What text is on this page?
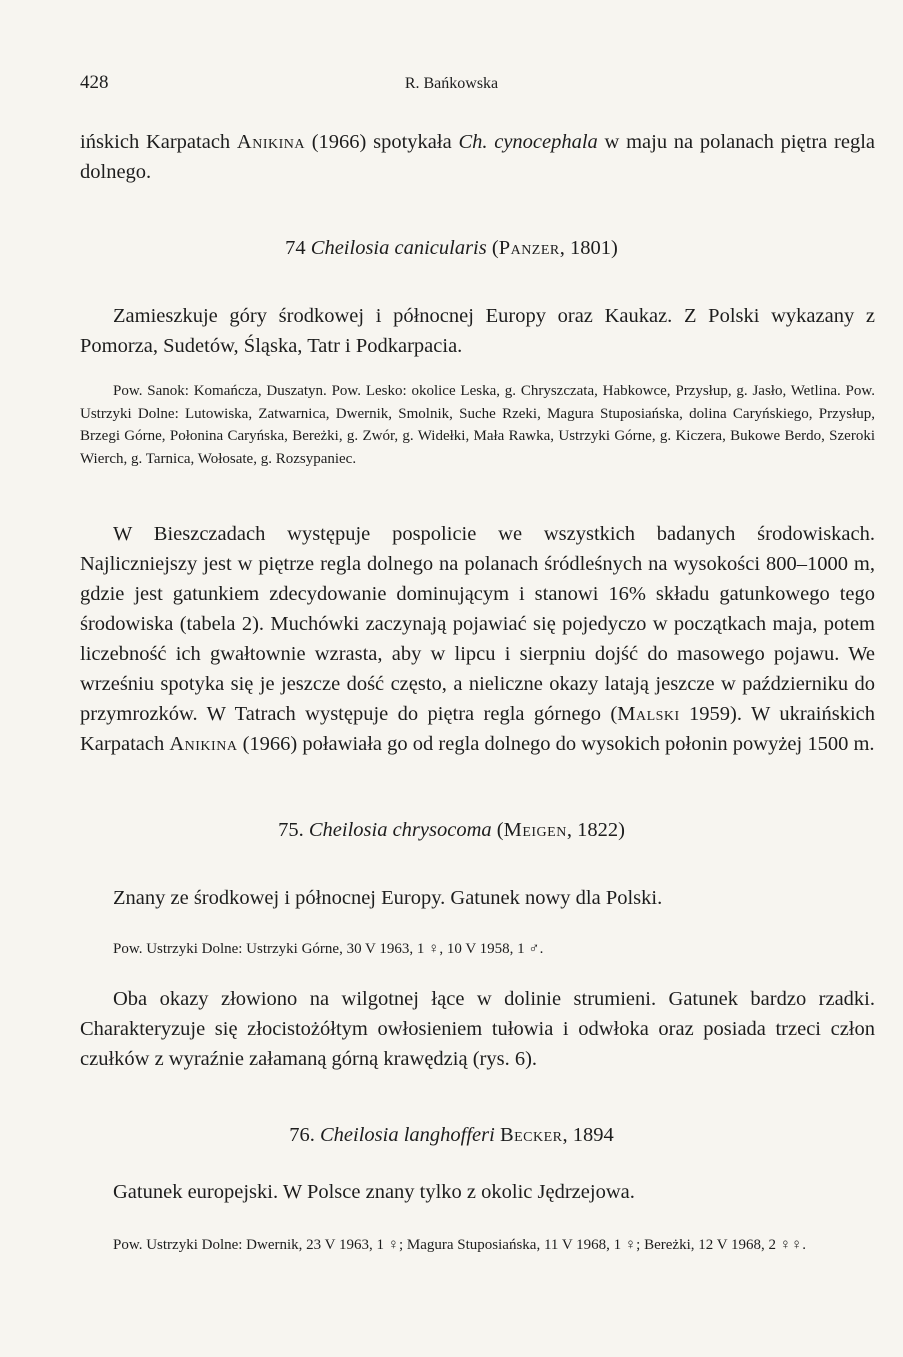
428	R. Bańkowska

ińskich Karpatach Anikina (1966) spotykała Ch. cynocephala w maju na polanach piętra regla dolnego.

74 Cheilosia canicularis (Panzer, 1801)

Zamieszkuje góry środkowej i północnej Europy oraz Kaukaz. Z Polski wykazany z Pomorza, Sudetów, Śląska, Tatr i Podkarpacia.

Pow. Sanok: Komańcza, Duszatyn. Pow. Lesko: okolice Leska, g. Chryszczata, Habkowce, Przysłup, g. Jasło, Wetlina. Pow. Ustrzyki Dolne: Lutowiska, Zatwarnica, Dwernik, Smolnik, Suche Rzeki, Magura Stuposiańska, dolina Caryńskiego, Przysłup, Brzegi Górne, Połonina Caryńska, Bereżki, g. Zwór, g. Widełki, Mała Rawka, Ustrzyki Górne, g. Kiczera, Bukowe Berdo, Szeroki Wierch, g. Tarnica, Wołosate, g. Rozsypaniec.

W Bieszczadach występuje pospolicie we wszystkich badanych środowiskach. Najliczniejszy jest w piętrze regla dolnego na polanach śródleśnych na wysokości 800–1000 m, gdzie jest gatunkiem zdecydowanie dominującym i stanowi 16% składu gatunkowego tego środowiska (tabela 2). Muchówki zaczynają pojawiać się pojedyczo w początkach maja, potem liczebność ich gwałtownie wzrasta, aby w lipcu i sierpniu dojść do masowego pojawu. We wrześniu spotyka się je jeszcze dość często, a nieliczne okazy latają jeszcze w październiku do przymrozków. W Tatrach występuje do piętra regla górnego (Malski 1959). W ukraińskich Karpatach Anikina (1966) poławiała go od regla dolnego do wysokich połonin powyżej 1500 m.

75. Cheilosia chrysocoma (Meigen, 1822)

Znany ze środkowej i północnej Europy. Gatunek nowy dla Polski.

Pow. Ustrzyki Dolne: Ustrzyki Górne, 30 V 1963, 1 ♀, 10 V 1958, 1 ♂.

Oba okazy złowiono na wilgotnej łące w dolinie strumieni. Gatunek bardzo rzadki. Charakteryzuje się złocistożółtym owłosieniem tułowia i odwłoka oraz posiada trzeci człon czułków z wyraźnie załamaną górną krawędzią (rys. 6).

76. Cheilosia langhofferi Becker, 1894

Gatunek europejski. W Polsce znany tylko z okolic Jędrzejowa.

Pow. Ustrzyki Dolne: Dwernik, 23 V 1963, 1 ♀; Magura Stuposiańska, 11 V 1968, 1 ♀; Bereżki, 12 V 1968, 2 ♀♀.
